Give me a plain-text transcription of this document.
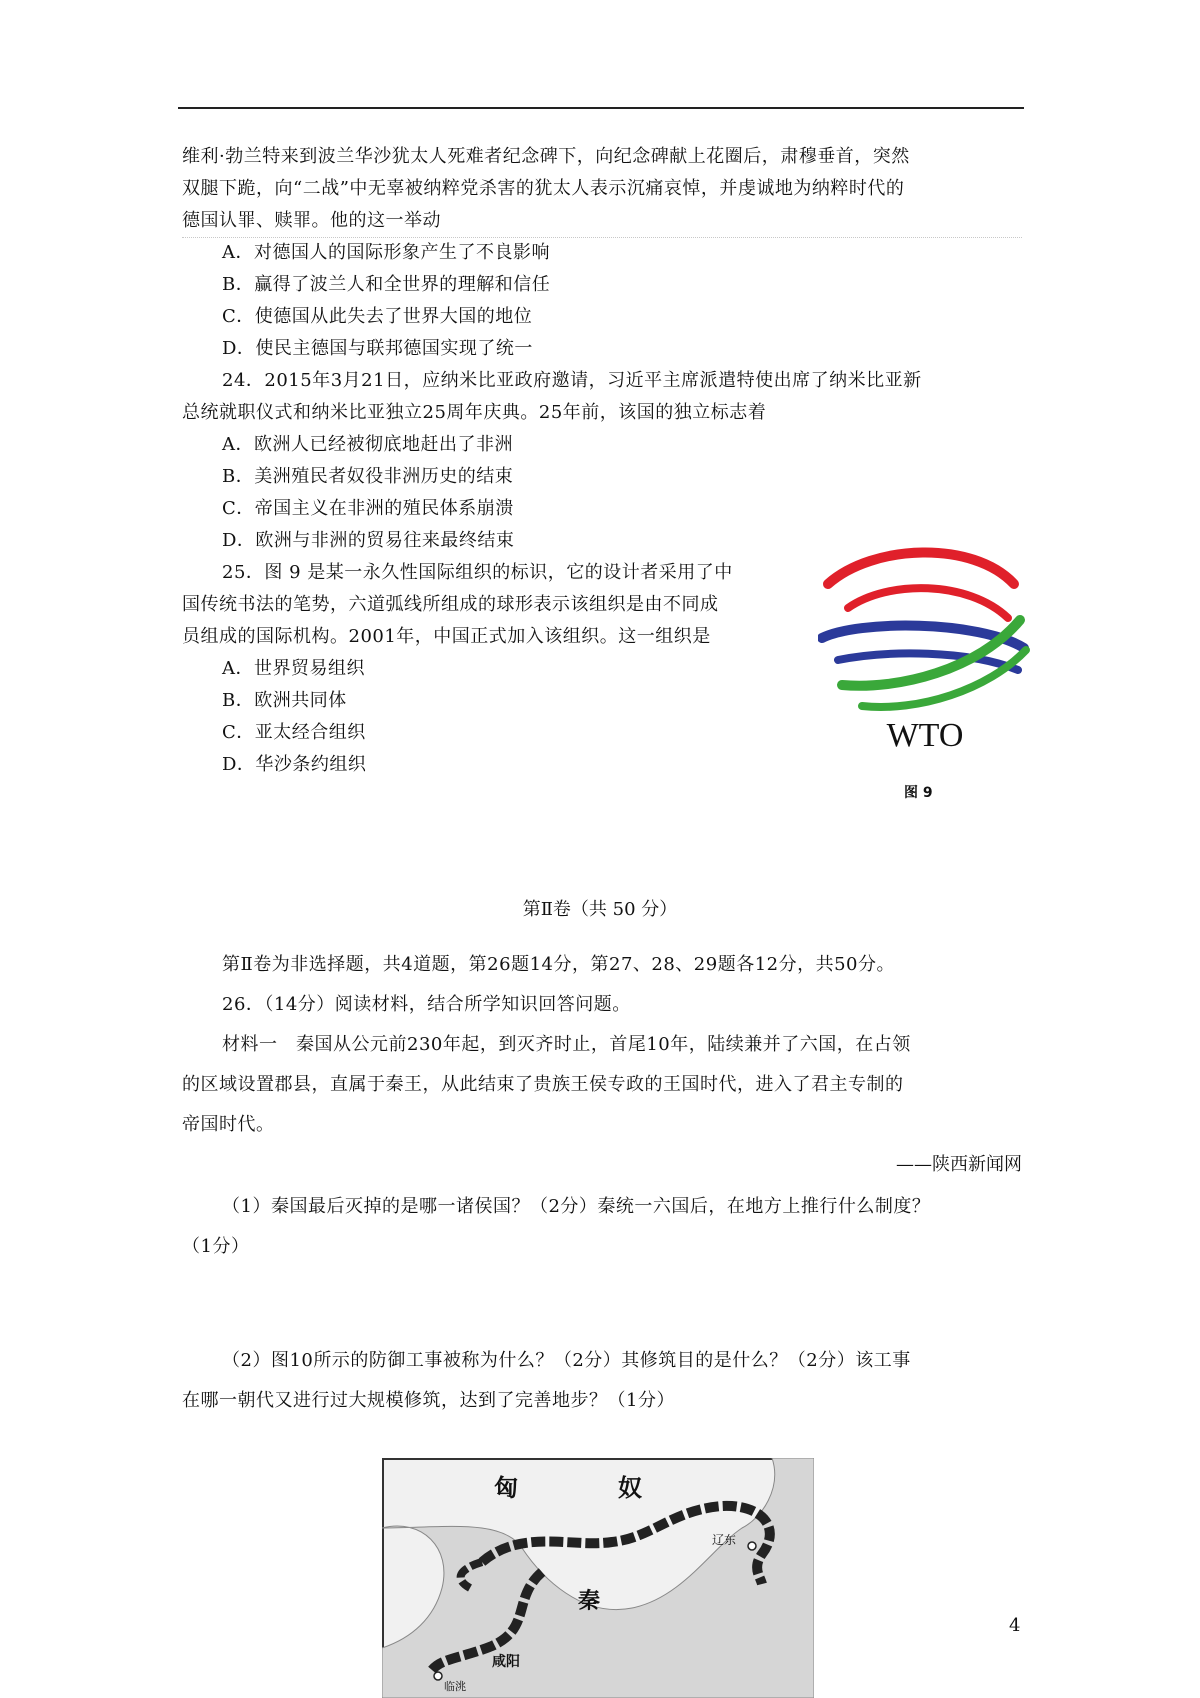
维利·勃兰特来到波兰华沙犹太人死难者纪念碑下，向纪念碑献上花圈后，肃穆垂首，突然
双腿下跪，向“二战”中无辜被纳粹党杀害的犹太人表示沉痛哀悼，并虔诚地为纳粹时代的
德国认罪、赎罪。他的这一举动
A．对德国人的国际形象产生了不良影响
B．赢得了波兰人和全世界的理解和信任
C．使德国从此失去了世界大国的地位
D．使民主德国与联邦德国实现了统一
24．2015年3月21日，应纳米比亚政府邀请，习近平主席派遣特使出席了纳米比亚新
总统就职仪式和纳米比亚独立25周年庆典。25年前，该国的独立标志着
A．欧洲人已经被彻底地赶出了非洲
B．美洲殖民者奴役非洲历史的结束
C．帝国主义在非洲的殖民体系崩溃
D．欧洲与非洲的贸易往来最终结束
25．图 9 是某一永久性国际组织的标识，它的设计者采用了中
国传统书法的笔势，六道弧线所组成的球形表示该组织是由不同成
员组成的国际机构。2001年，中国正式加入该组织。这一组织是
A．世界贸易组织
B．欧洲共同体
C．亚太经合组织
D．华沙条约组织
WTO
图 9
第Ⅱ卷（共 50 分）
第Ⅱ卷为非选择题，共4道题，第26题14分，第27、28、29题各12分，共50分。
26．（14分）阅读材料，结合所学知识回答问题。
材料一　秦国从公元前230年起，到灭齐时止，首尾10年，陆续兼并了六国，在占领
的区域设置郡县，直属于秦王，从此结束了贵族王侯专政的王国时代，进入了君主专制的
帝国时代。
——陕西新闻网
（1）秦国最后灭掉的是哪一诸侯国？（2分）秦统一六国后，在地方上推行什么制度？
（1分）
（2）图10所示的防御工事被称为什么？（2分）其修筑目的是什么？（2分）该工事
在哪一朝代又进行过大规模修筑，达到了完善地步？（1分）
匈	奴
辽东
秦
咸阳
临洮
4
